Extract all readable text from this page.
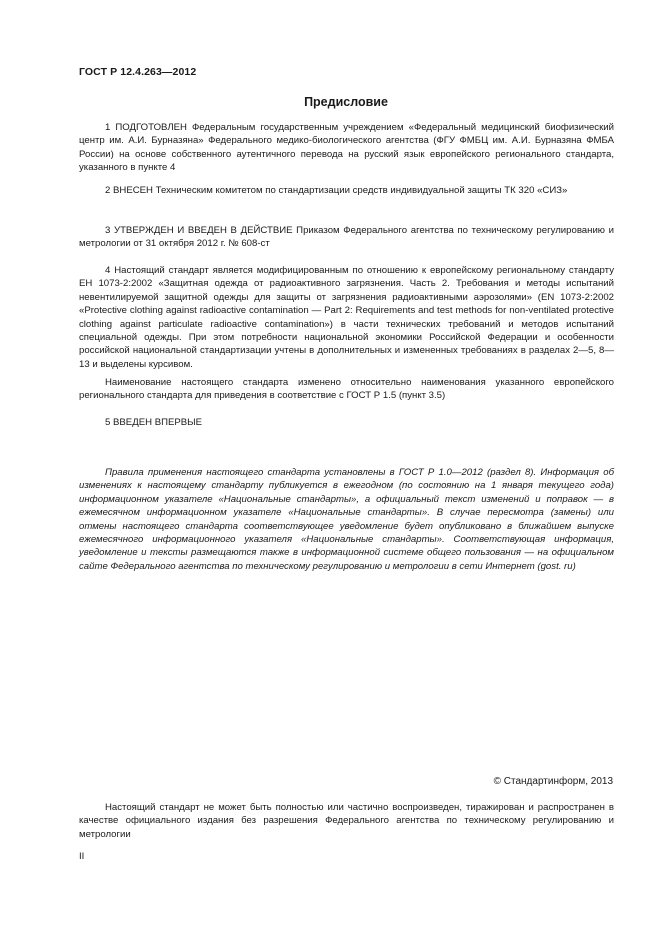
ГОСТ Р 12.4.263—2012
Предисловие

1 ПОДГОТОВЛЕН Федеральным государственным учреждением «Федеральный медицинский биофизический центр им. А.И. Бурназяна» Федерального медико-биологического агентства (ФГУ ФМБЦ им. А.И. Бурназяна ФМБА России) на основе собственного аутентичного перевода на русский язык европейского регионального стандарта, указанного в пункте 4

2 ВНЕСЕН Техническим комитетом по стандартизации средств индивидуальной защиты ТК 320 «СИЗ»

3 УТВЕРЖДЕН И ВВЕДЕН В ДЕЙСТВИЕ Приказом Федерального агентства по техническому регулированию и метрологии от 31 октября 2012 г. № 608-ст

4 Настоящий стандарт является модифицированным по отношению к европейскому региональному стандарту ЕН 1073-2:2002 «Защитная одежда от радиоактивного загрязнения. Часть 2. Требования и методы испытаний невентилируемой защитной одежды для защиты от загрязнения радиоактивными аэрозолями» (EN 1073-2:2002 «Protective clothing against radioactive contamination — Part 2: Requirements and test methods for non-ventilated protective clothing against particulate radioactive contamination») в части технических требований и методов испытаний специальной одежды. При этом потребности национальной экономики Российской Федерации и особенности российской национальной стандартизации учтены в дополнительных и измененных требованиях в разделах 2—5, 8—13 и выделены курсивом.

Наименование настоящего стандарта изменено относительно наименования указанного европейского регионального стандарта для приведения в соответствие с ГОСТ Р 1.5 (пункт 3.5)

5 ВВЕДЕН ВПЕРВЫЕ

Правила применения настоящего стандарта установлены в ГОСТ Р 1.0—2012 (раздел 8). Информация об изменениях к настоящему стандарту публикуется в ежегодном (по состоянию на 1 января текущего года) информационном указателе «Национальные стандарты», а официальный текст изменений и поправок — в ежемесячном информационном указателе «Национальные стандарты». В случае пересмотра (замены) или отмены настоящего стандарта соответствующее уведомление будет опубликовано в ближайшем выпуске ежемесячного информационного указателя «Национальные стандарты». Соответствующая информация, уведомление и тексты размещаются также в информационной системе общего пользования — на официальном сайте Федерального агентства по техническому регулированию и метрологии в сети Интернет (gost. ru)

© Стандартинформ, 2013

Настоящий стандарт не может быть полностью или частично воспроизведен, тиражирован и распространен в качестве официального издания без разрешения Федерального агентства по техническому регулированию и метрологии

II
